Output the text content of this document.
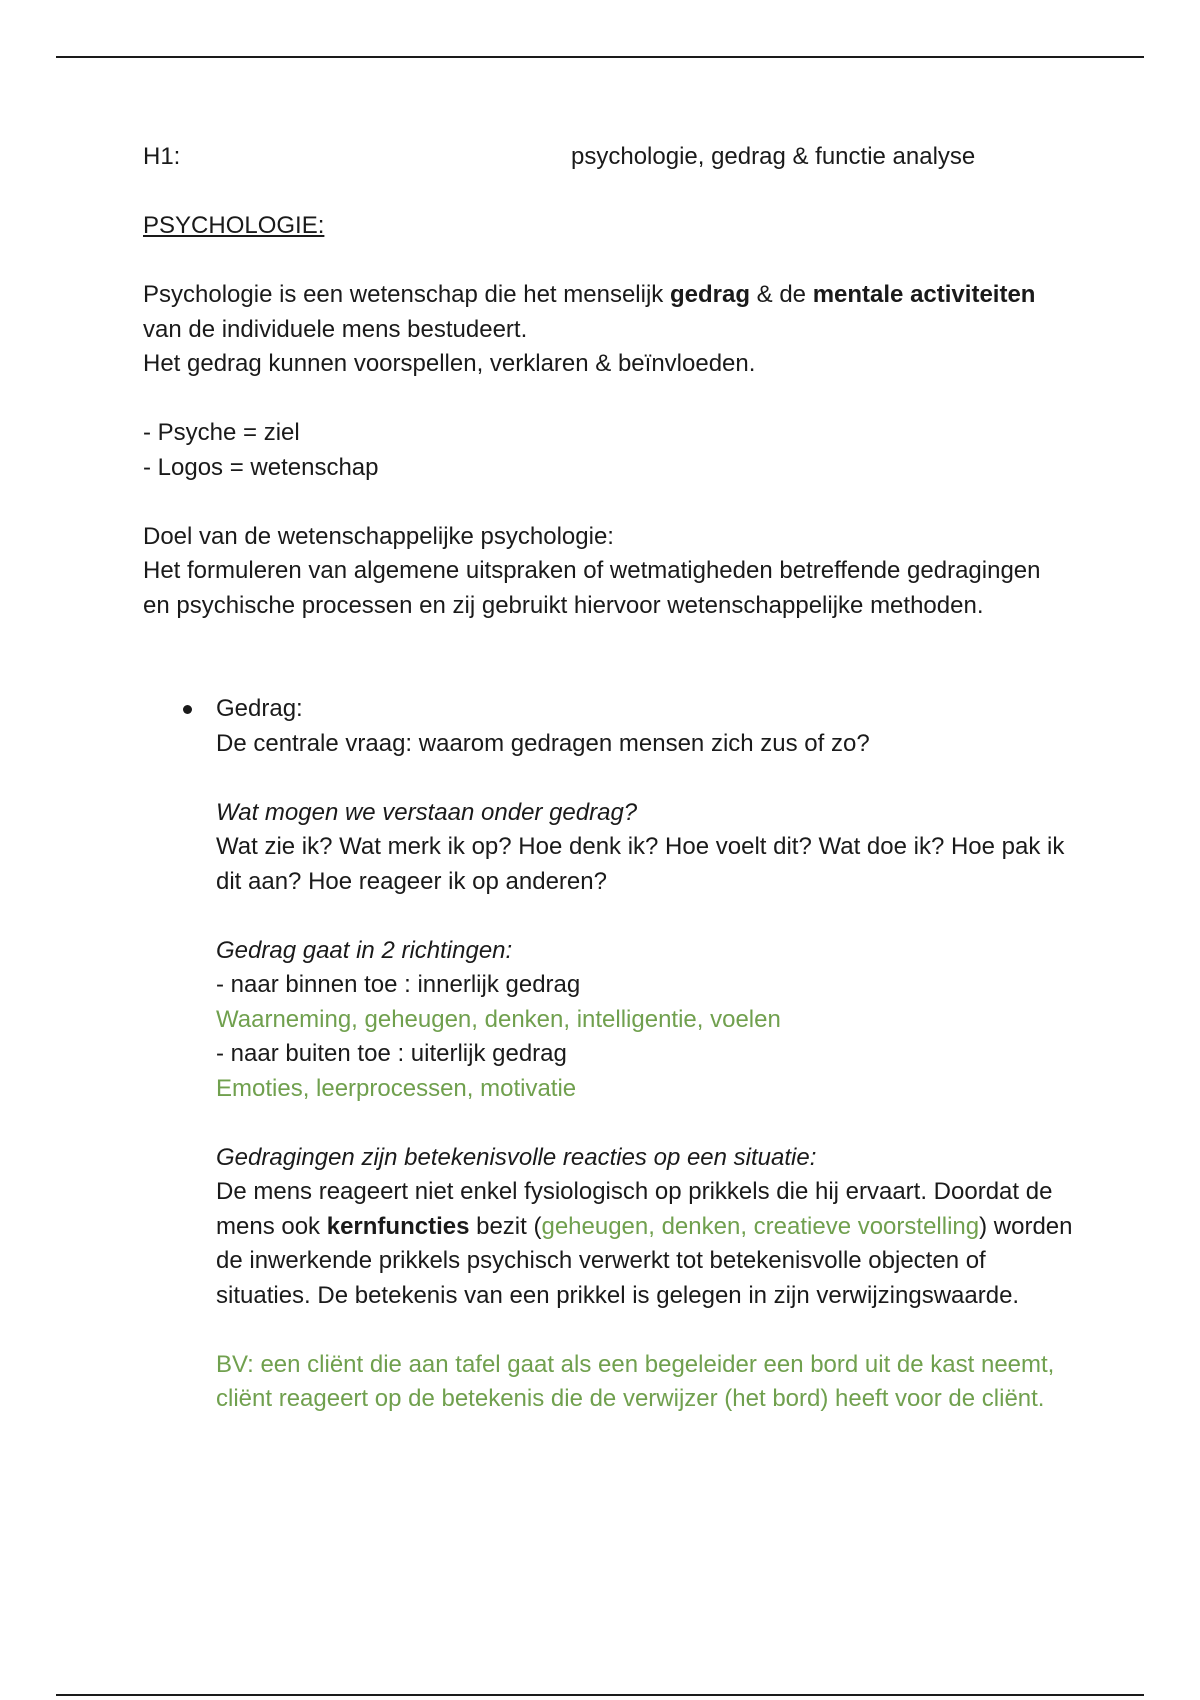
H1:	psychologie, gedrag & functie analyse

PSYCHOLOGIE:

Psychologie is een wetenschap die het menselijk gedrag & de mentale activiteiten van de individuele mens bestudeert.

Het gedrag kunnen voorspellen, verklaren & beïnvloeden.

- Psyche = ziel

- Logos = wetenschap

Doel van de wetenschappelijke psychologie:

Het formuleren van algemene uitspraken of wetmatigheden betreffende gedragingen en psychische processen en zij gebruikt hiervoor wetenschappelijke methoden.

Gedrag:

De centrale vraag: waarom gedragen mensen zich zus of zo?

Wat mogen we verstaan onder gedrag?

Wat zie ik? Wat merk ik op? Hoe denk ik? Hoe voelt dit? Wat doe ik? Hoe pak ik dit aan? Hoe reageer ik op anderen?

Gedrag gaat in 2 richtingen:

- naar binnen toe : innerlijk gedrag

Waarneming, geheugen, denken, intelligentie, voelen

- naar buiten toe : uiterlijk gedrag

Emoties, leerprocessen, motivatie

Gedragingen zijn betekenisvolle reacties op een situatie:

De mens reageert niet enkel fysiologisch op prikkels die hij ervaart. Doordat de mens ook kernfuncties bezit (geheugen, denken, creatieve voorstelling) worden de inwerkende prikkels psychisch verwerkt tot betekenisvolle objecten of situaties. De betekenis van een prikkel is gelegen in zijn verwijzingswaarde.

BV: een cliënt die aan tafel gaat als een begeleider een bord uit de kast neemt, cliënt reageert op de betekenis die de verwijzer (het bord) heeft voor de cliënt.
